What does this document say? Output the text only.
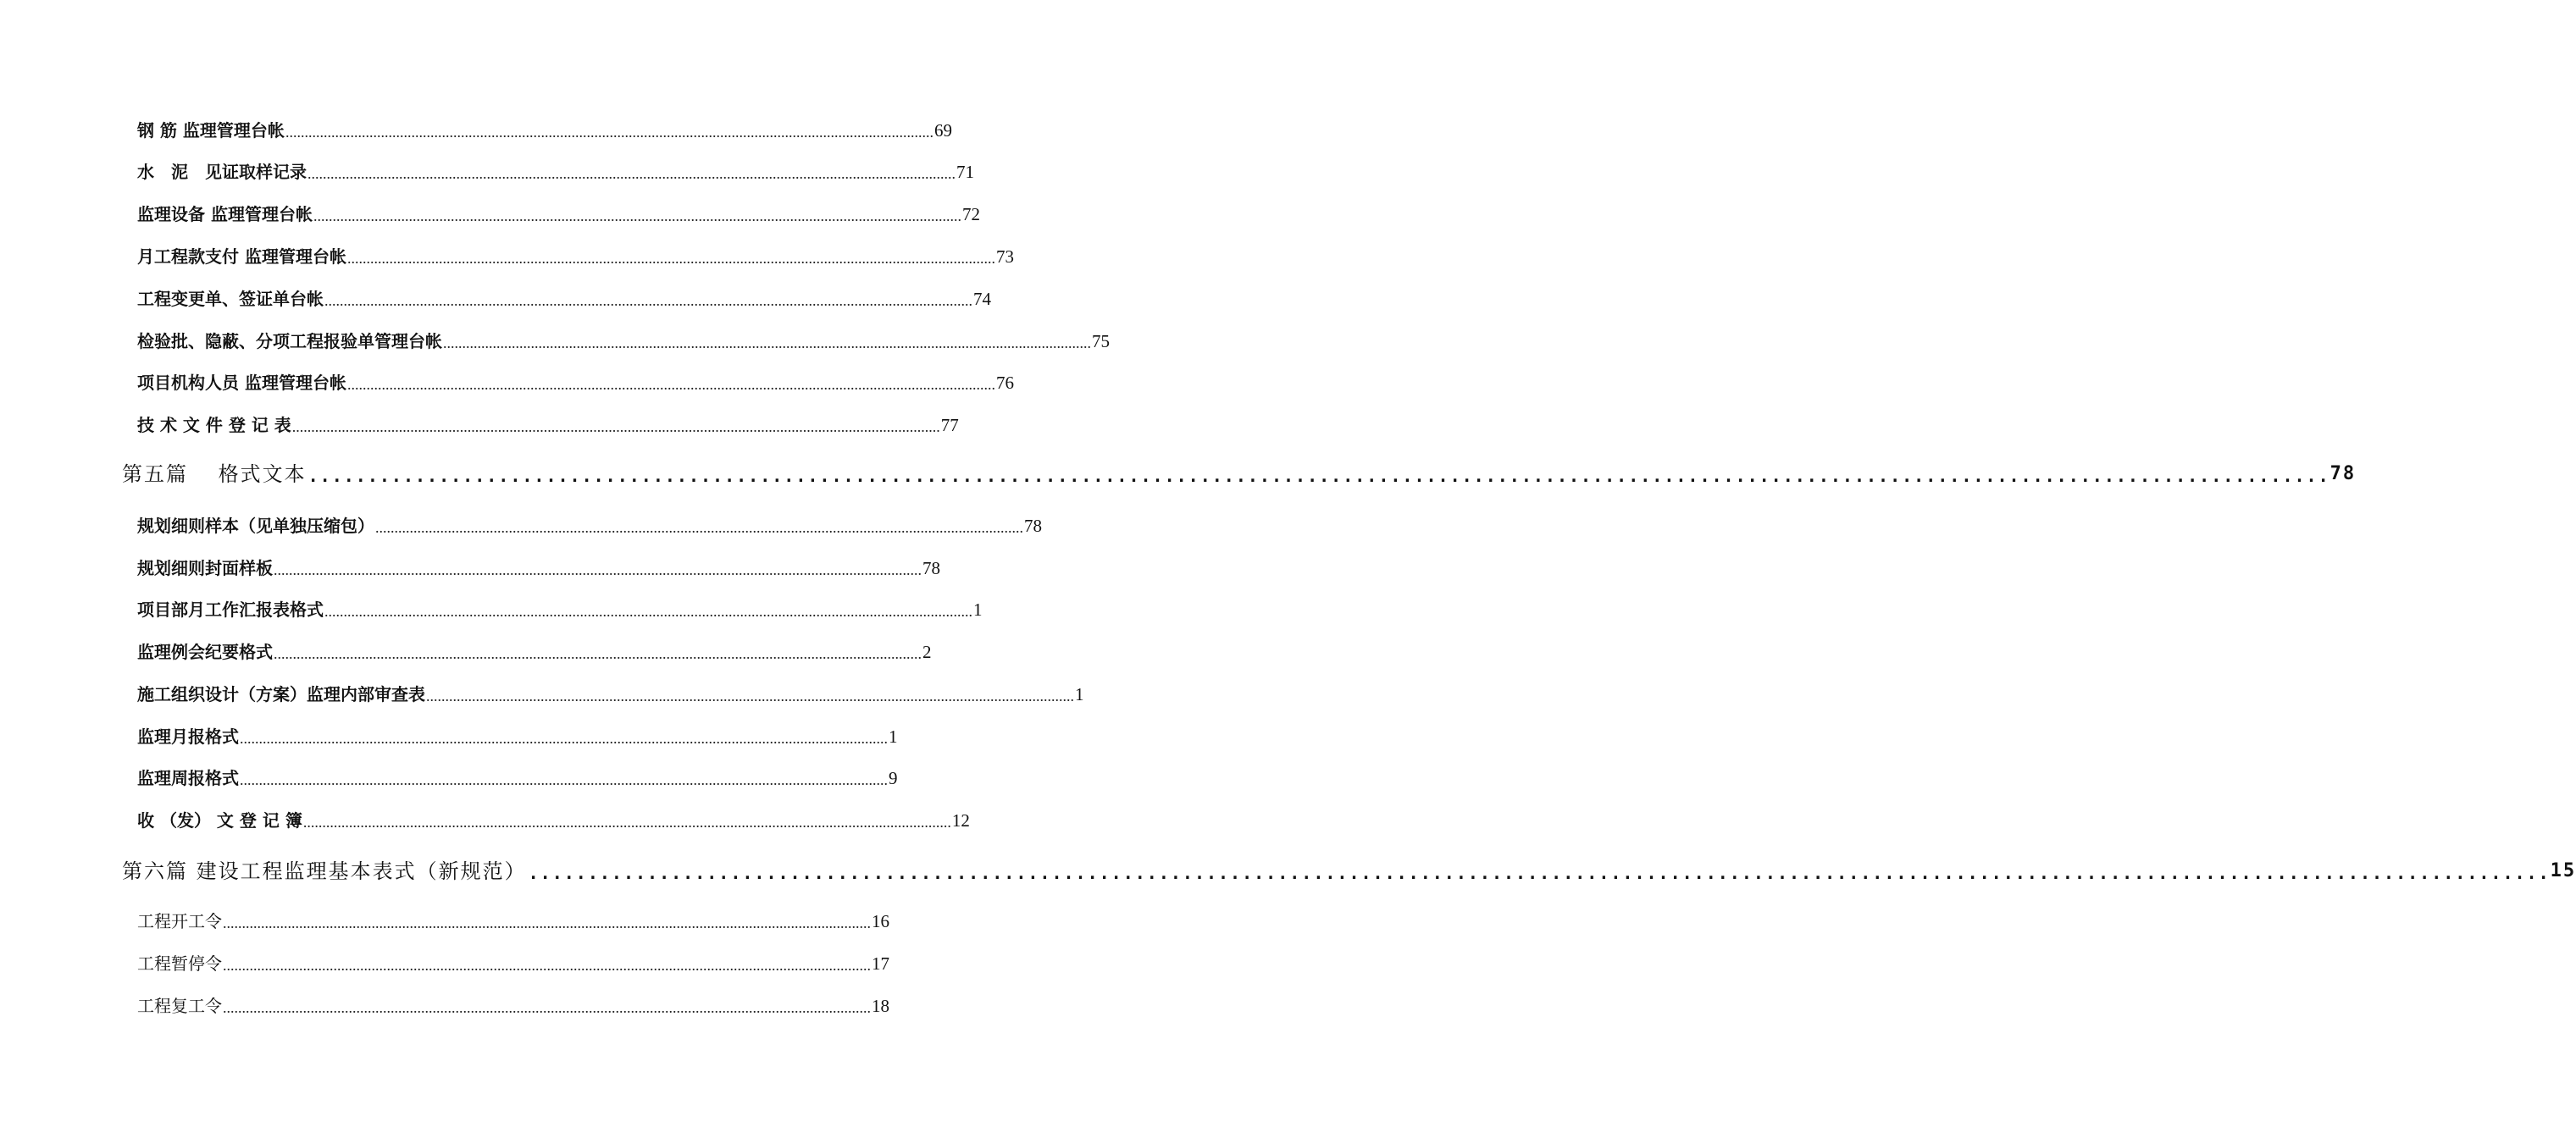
钢 筋 监理管理台帐 .......................................................................................................................................................................... 69
水　泥　见证取样记录 .......................................................................................................................................................................... 71
监理设备 监理管理台帐 .......................................................................................................................................................................... 72
月工程款支付 监理管理台帐 .......................................................................................................................................................................... 73
工程变更单、签证单台帐 .......................................................................................................................................................................... 74
检验批、隐蔽、分项工程报验单管理台帐 .......................................................................................................................................................................... 75
项目机构人员 监理管理台帐 .......................................................................................................................................................................... 76
技 术 文 件 登 记 表 .......................................................................................................................................................................... 77
第五篇　 格式文本 .......................................................................................................................................................................... 78
规划细则样本（见单独压缩包） .......................................................................................................................................................................... 78
规划细则封面样板 .......................................................................................................................................................................... 78
项目部月工作汇报表格式 .......................................................................................................................................................................... 1
监理例会纪要格式 .......................................................................................................................................................................... 2
施工组织设计（方案）监理内部审查表 .......................................................................................................................................................................... 1
监理月报格式 .......................................................................................................................................................................... 1
监理周报格式 .......................................................................................................................................................................... 9
收 （发） 文 登 记 簿 .......................................................................................................................................................................... 12
第六篇 建设工程监理基本表式（新规范） .......................................................................................................................................................................... 15
工程开工令 .......................................................................................................................................................................... 16
工程暂停令 .......................................................................................................................................................................... 17
工程复工令 .......................................................................................................................................................................... 18
